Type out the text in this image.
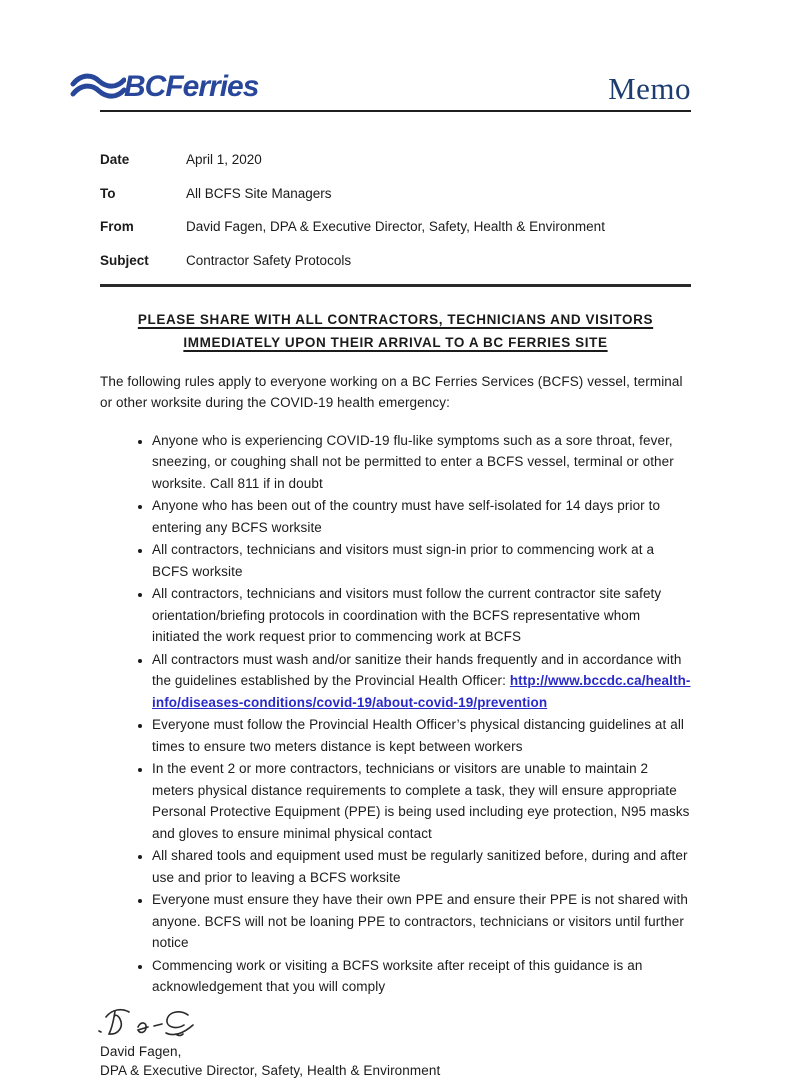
BCFerries	Memo
Date	April 1, 2020
To	All BCFS Site Managers
From	David Fagen, DPA & Executive Director, Safety, Health & Environment
Subject	Contractor Safety Protocols
PLEASE SHARE WITH ALL CONTRACTORS, TECHNICIANS AND VISITORS
IMMEDIATELY UPON THEIR ARRIVAL TO A BC FERRIES SITE

The following rules apply to everyone working on a BC Ferries Services (BCFS) vessel, terminal or other worksite during the COVID-19 health emergency:

• Anyone who is experiencing COVID-19 flu-like symptoms such as a sore throat, fever, sneezing, or coughing shall not be permitted to enter a BCFS vessel, terminal or other worksite. Call 811 if in doubt
• Anyone who has been out of the country must have self-isolated for 14 days prior to entering any BCFS worksite
• All contractors, technicians and visitors must sign-in prior to commencing work at a BCFS worksite
• All contractors, technicians and visitors must follow the current contractor site safety orientation/briefing protocols in coordination with the BCFS representative whom initiated the work request prior to commencing work at BCFS
• All contractors must wash and/or sanitize their hands frequently and in accordance with the guidelines established by the Provincial Health Officer: http://www.bccdc.ca/health-info/diseases-conditions/covid-19/about-covid-19/prevention
• Everyone must follow the Provincial Health Officer’s physical distancing guidelines at all times to ensure two meters distance is kept between workers
• In the event 2 or more contractors, technicians or visitors are unable to maintain 2 meters physical distance requirements to complete a task, they will ensure appropriate Personal Protective Equipment (PPE) is being used including eye protection, N95 masks and gloves to ensure minimal physical contact
• All shared tools and equipment used must be regularly sanitized before, during and after use and prior to leaving a BCFS worksite
• Everyone must ensure they have their own PPE and ensure their PPE is not shared with anyone. BCFS will not be loaning PPE to contractors, technicians or visitors until further notice
• Commencing work or visiting a BCFS worksite after receipt of this guidance is an acknowledgement that you will comply
David Fagen,
DPA & Executive Director, Safety, Health & Environment
